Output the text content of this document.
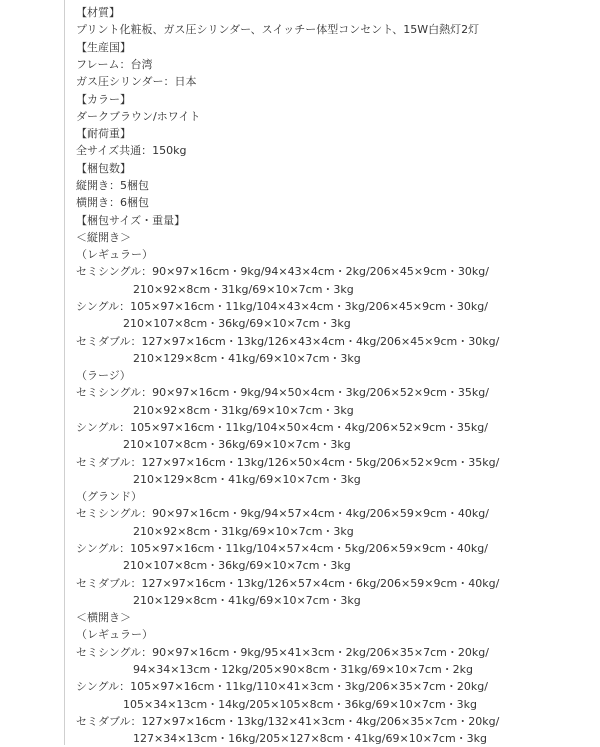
【材質】
プリント化粧板、ガス圧シリンダー、スイッチー体型コンセント、15W白熱灯2灯
【生産国】
フレーム：台湾
ガス圧シリンダー：日本
【カラー】
ダークブラウン/ホワイト
【耐荷重】
全サイズ共通：150kg
【梱包数】
縦開き：5梱包
横開き：6梱包
【梱包サイズ・重量】
＜縦開き＞
（レギュラー）
セミシングル：90×97×16cm・9kg/94×43×4cm・2kg/206×45×9cm・30kg/
210×92×8cm・31kg/69×10×7cm・3kg
シングル：105×97×16cm・11kg/104×43×4cm・3kg/206×45×9cm・30kg/
210×107×8cm・36kg/69×10×7cm・3kg
セミダブル：127×97×16cm・13kg/126×43×4cm・4kg/206×45×9cm・30kg/
210×129×8cm・41kg/69×10×7cm・3kg
（ラージ）
セミシングル：90×97×16cm・9kg/94×50×4cm・3kg/206×52×9cm・35kg/
210×92×8cm・31kg/69×10×7cm・3kg
シングル：105×97×16cm・11kg/104×50×4cm・4kg/206×52×9cm・35kg/
210×107×8cm・36kg/69×10×7cm・3kg
セミダブル：127×97×16cm・13kg/126×50×4cm・5kg/206×52×9cm・35kg/
210×129×8cm・41kg/69×10×7cm・3kg
（グランド）
セミシングル：90×97×16cm・9kg/94×57×4cm・4kg/206×59×9cm・40kg/
210×92×8cm・31kg/69×10×7cm・3kg
シングル：105×97×16cm・11kg/104×57×4cm・5kg/206×59×9cm・40kg/
210×107×8cm・36kg/69×10×7cm・3kg
セミダブル：127×97×16cm・13kg/126×57×4cm・6kg/206×59×9cm・40kg/
210×129×8cm・41kg/69×10×7cm・3kg
＜横開き＞
（レギュラー）
セミシングル：90×97×16cm・9kg/95×41×3cm・2kg/206×35×7cm・20kg/
94×34×13cm・12kg/205×90×8cm・31kg/69×10×7cm・2kg
シングル：105×97×16cm・11kg/110×41×3cm・3kg/206×35×7cm・20kg/
105×34×13cm・14kg/205×105×8cm・36kg/69×10×7cm・3kg
セミダブル：127×97×16cm・13kg/132×41×3cm・4kg/206×35×7cm・20kg/
127×34×13cm・16kg/205×127×8cm・41kg/69×10×7cm・3kg
